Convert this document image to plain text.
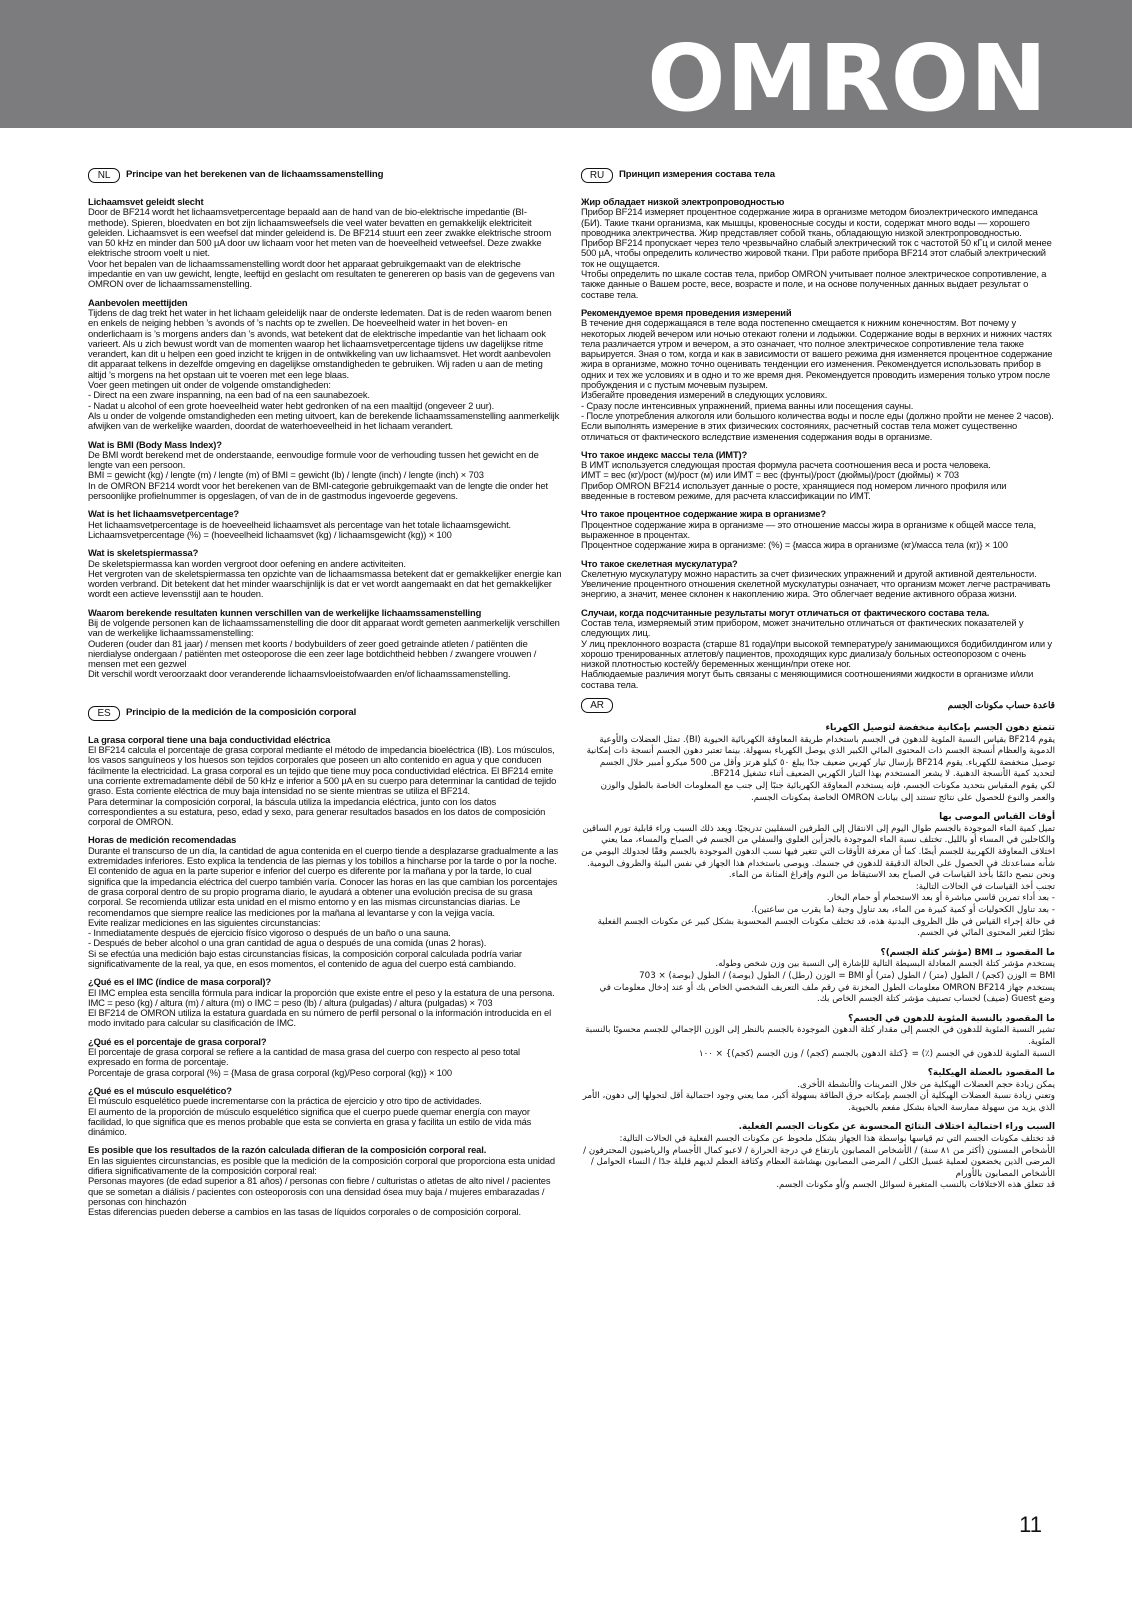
OMRON
NL	Principe van het berekenen van de lichaamssamenstelling
Lichaamsvet geleidt slecht
Door de BF214 wordt het lichaamsvetpercentage bepaald aan de hand van de bio-elektrische impedantie (BI-methode). Spieren, bloedvaten en bot zijn lichaamsweefsels die veel water bevatten en gemakkelijk elektriciteit geleiden. Lichaamsvet is een weefsel dat minder geleidend is. De BF214 stuurt een zeer zwakke elektrische stroom van 50 kHz en minder dan 500 µA door uw lichaam voor het meten van de hoeveelheid vetweefsel. Deze zwakke elektrische stroom voelt u niet.
Voor het bepalen van de lichaamssamenstelling wordt door het apparaat gebruikgemaakt van de elektrische impedantie en van uw gewicht, lengte, leeftijd en geslacht om resultaten te genereren op basis van de gegevens van OMRON over de lichaamssamenstelling.
Aanbevolen meettijden
Tijdens de dag trekt het water in het lichaam geleidelijk naar de onderste ledematen. Dat is de reden waarom benen en enkels de neiging hebben ’s avonds of ’s nachts op te zwellen. De hoeveelheid water in het boven- en onderlichaam is ’s morgens anders dan ’s avonds, wat betekent dat de elektrische impedantie van het lichaam ook varieert. Als u zich bewust wordt van de momenten waarop het lichaamsvetpercentage tijdens uw dagelijkse ritme verandert, kan dit u helpen een goed inzicht te krijgen in de ontwikkeling van uw lichaamsvet. Het wordt aanbevolen dit apparaat telkens in dezelfde omgeving en dagelijkse omstandigheden te gebruiken. Wij raden u aan de meting altijd ’s morgens na het opstaan uit te voeren met een lege blaas.
Voer geen metingen uit onder de volgende omstandigheden:
- Direct na een zware inspanning, na een bad of na een saunabezoek.
- Nadat u alcohol of een grote hoeveelheid water hebt gedronken of na een maaltijd (ongeveer 2 uur).
Als u onder de volgende omstandigheden een meting uitvoert, kan de berekende lichaamssamenstelling aanmerkelijk afwijken van de werkelijke waarden, doordat de waterhoeveelheid in het lichaam verandert.
Wat is BMI (Body Mass Index)?
De BMI wordt berekend met de onderstaande, eenvoudige formule voor de verhouding tussen het gewicht en de lengte van een persoon.
BMI = gewicht (kg) / lengte (m) / lengte (m) of BMI = gewicht (lb) / lengte (inch) / lengte (inch) × 703
In de OMRON BF214 wordt voor het berekenen van de BMI-categorie gebruikgemaakt van de lengte die onder het persoonlijke profielnummer is opgeslagen, of van de in de gastmodus ingevoerde gegevens.
Wat is het lichaamsvetpercentage?
Het lichaamsvetpercentage is de hoeveelheid lichaamsvet als percentage van het totale lichaamsgewicht.
Lichaamsvetpercentage (%) = (hoeveelheid lichaamsvet (kg) / lichaamsgewicht (kg)) × 100
Wat is skeletspiermassa?
De skeletspiermassa kan worden vergroot door oefening en andere activiteiten.
Het vergroten van de skeletspiermassa ten opzichte van de lichaamsmassa betekent dat er gemakkelijker energie kan worden verbrand. Dit betekent dat het minder waarschijnlijk is dat er vet wordt aangemaakt en dat het gemakkelijker wordt een actieve levensstijl aan te houden.
Waarom berekende resultaten kunnen verschillen van de werkelijke lichaamssamenstelling
Bij de volgende personen kan de lichaamssamenstelling die door dit apparaat wordt gemeten aanmerkelijk verschillen van de werkelijke lichaamssamenstelling:
Ouderen (ouder dan 81 jaar) / mensen met koorts / bodybuilders of zeer goed getrainde atleten / patiënten die nierdialyse ondergaan / patiënten met osteoporose die een zeer lage botdichtheid hebben / zwangere vrouwen / mensen met een gezwel
Dit verschil wordt veroorzaakt door veranderende lichaamsvloeistofwaarden en/of lichaamssamenstelling.
ES	Principio de la medición de la composición corporal
La grasa corporal tiene una baja conductividad eléctrica
El BF214 calcula el porcentaje de grasa corporal mediante el método de impedancia bioeléctrica (IB). Los músculos, los vasos sanguíneos y los huesos son tejidos corporales que poseen un alto contenido en agua y que conducen fácilmente la electricidad. La grasa corporal es un tejido que tiene muy poca conductividad eléctrica. El BF214 emite una corriente extremadamente débil de 50 kHz e inferior a 500 µA en su cuerpo para determinar la cantidad de tejido graso. Esta corriente eléctrica de muy baja intensidad no se siente mientras se utiliza el BF214.
Para determinar la composición corporal, la báscula utiliza la impedancia eléctrica, junto con los datos correspondientes a su estatura, peso, edad y sexo, para generar resultados basados en los datos de composición corporal de OMRON.
Horas de medición recomendadas
Durante el transcurso de un día, la cantidad de agua contenida en el cuerpo tiende a desplazarse gradualmente a las extremidades inferiores. Esto explica la tendencia de las piernas y los tobillos a hincharse por la tarde o por la noche. El contenido de agua en la parte superior e inferior del cuerpo es diferente por la mañana y por la tarde, lo cual significa que la impedancia eléctrica del cuerpo también varía. Conocer las horas en las que cambian los porcentajes de grasa corporal dentro de su propio programa diario, le ayudará a obtener una evolución precisa de su grasa corporal. Se recomienda utilizar esta unidad en el mismo entorno y en las mismas circunstancias diarias. Le recomendamos que siempre realice las mediciones por la mañana al levantarse y con la vejiga vacía.
Evite realizar mediciones en las siguientes circunstancias:
- Inmediatamente después de ejercicio físico vigoroso o después de un baño o una sauna.
- Después de beber alcohol o una gran cantidad de agua o después de una comida (unas 2 horas).
Si se efectúa una medición bajo estas circunstancias físicas, la composición corporal calculada podría variar significativamente de la real, ya que, en esos momentos, el contenido de agua del cuerpo está cambiando.
¿Qué es el IMC (índice de masa corporal)?
El IMC emplea esta sencilla fórmula para indicar la proporción que existe entre el peso y la estatura de una persona.
IMC = peso (kg) / altura (m) / altura (m) o IMC = peso (lb) / altura (pulgadas) / altura (pulgadas) × 703
El BF214 de OMRON utiliza la estatura guardada en su número de perfil personal o la información introducida en el modo invitado para calcular su clasificación de IMC.
¿Qué es el porcentaje de grasa corporal?
El porcentaje de grasa corporal se refiere a la cantidad de masa grasa del cuerpo con respecto al peso total expresado en forma de porcentaje.
Porcentaje de grasa corporal (%) = {Masa de grasa corporal (kg)/Peso corporal (kg)} × 100
¿Qué es el músculo esquelético?
El músculo esquelético puede incrementarse con la práctica de ejercicio y otro tipo de actividades.
El aumento de la proporción de músculo esquelético significa que el cuerpo puede quemar energía con mayor facilidad, lo que significa que es menos probable que esta se convierta en grasa y facilita un estilo de vida más dinámico.
Es posible que los resultados de la razón calculada difieran de la composición corporal real.
En las siguientes circunstancias, es posible que la medición de la composición corporal que proporciona esta unidad difiera significativamente de la composición corporal real:
Personas mayores (de edad superior a 81 años) / personas con fiebre / culturistas o atletas de alto nivel / pacientes que se sometan a diálisis / pacientes con osteoporosis con una densidad ósea muy baja / mujeres embarazadas / personas con hinchazón
Estas diferencias pueden deberse a cambios en las tasas de líquidos corporales o de composición corporal.
RU	Принцип измерения состава тела
Жир обладает низкой электропроводностью
Прибор BF214 измеряет процентное содержание жира в организме методом биоэлектрического импеданса (БИ). Такие ткани организма, как мышцы, кровеносные сосуды и кости, содержат много воды — хорошего проводника электричества. Жир представляет собой ткань, обладающую низкой электропроводностью. Прибор BF214 пропускает через тело чрезвычайно слабый электрический ток с частотой 50 кГц и силой менее 500 µА, чтобы определить количество жировой ткани. При работе прибора BF214 этот слабый электрический ток не ощущается.
Чтобы определить по шкале состав тела, прибор OMRON учитывает полное электрическое сопротивление, а также данные о Вашем росте, весе, возрасте и поле, и на основе полученных данных выдает результат о составе тела.
Рекомендуемое время проведения измерений
В течение дня содержащаяся в теле вода постепенно смещается к нижним конечностям. Вот почему у некоторых людей вечером или ночью отекают голени и лодыжки. Содержание воды в верхних и нижних частях тела различается утром и вечером, а это означает, что полное электрическое сопротивление тела также варьируется. Зная о том, когда и как в зависимости от вашего режима дня изменяется процентное содержание жира в организме, можно точно оценивать тенденции его изменения. Рекомендуется использовать прибор в одних и тех же условиях и в одно и то же время дня. Рекомендуется проводить измерения только утром после пробуждения и с пустым мочевым пузырем.
Избегайте проведения измерений в следующих условиях.
- Сразу после интенсивных упражнений, приема ванны или посещения сауны.
- После употребления алкоголя или большого количества воды и после еды (должно пройти не менее 2 часов).
Если выполнять измерение в этих физических состояниях, расчетный состав тела может существенно отличаться от фактического вследствие изменения содержания воды в организме.
Что такое индекс массы тела (ИМТ)?
В ИМТ используется следующая простая формула расчета соотношения веса и роста человека.
ИМТ = вес (кг)/рост (м)/рост (м) или ИМТ = вес (фунты)/рост (дюймы)/рост (дюймы) × 703
Прибор OMRON BF214 использует данные о росте, хранящиеся под номером личного профиля или введенные в гостевом режиме, для расчета классификации по ИМТ.
Что такое процентное содержание жира в организме?
Процентное содержание жира в организме — это отношение массы жира в организме к общей массе тела, выраженное в процентах.
Процентное содержание жира в организме: (%) = {масса жира в организме (кг)/масса тела (кг)} × 100
Что такое скелетная мускулатура?
Скелетную мускулатуру можно нарастить за счет физических упражнений и другой активной деятельности.
Увеличение процентного отношения скелетной мускулатуры означает, что организм может легче растрачивать энергию, а значит, менее склонен к накоплению жира. Это облегчает ведение активного образа жизни.
Случаи, когда подсчитанные результаты могут отличаться от фактического состава тела.
Состав тела, измеряемый этим прибором, может значительно отличаться от фактических показателей у следующих лиц.
У лиц преклонного возраста (старше 81 года)/при высокой температуре/у занимающихся бодибилдингом или у хорошо тренированных атлетов/у пациентов, проходящих курс диализа/у больных остеопорозом с очень низкой плотностью костей/у беременных женщин/при отеке ног.
Наблюдаемые различия могут быть связаны с меняющимися соотношениями жидкости в организме и/или состава тела.
AR	قاعدة حساب مكونات الجسم
تتمتع دهون الجسم بإمكانية منخفضة لتوصيل الكهرباء
يقوم BF214 بقياس النسبة المئوية للدهون في الجسم باستخدام طريقة المعاوقة الكهربائية الحيوية (BI). تمثل العضلات والأوعية الدموية والعظام أنسجة الجسم ذات المحتوى المائي الكبير الذي يوصل الكهرباء بسهولة. بينما تعتبر دهون الجسم أنسجة ذات إمكانية توصيل منخفضة للكهرباء. يقوم BF214 بإرسال تيار كهربي ضعيف جدًا يبلغ ٥٠ كيلو هرتز وأقل من 500 ميكرو أمبير خلال الجسم لتحديد كمية الأنسجة الدهنية. لا يشعر المستخدم بهذا التيار الكهربي الضعيف أثناء تشغيل BF214.
لكي يقوم المقياس بتحديد مكونات الجسم، فإنه يستخدم المعاوقة الكهربائية جنبًا إلى جنب مع المعلومات الخاصة بالطول والوزن والعمر والنوع للحصول على نتائج تستند إلى بيانات OMRON الخاصة بمكونات الجسم.
أوقات القياس الموصى بها
تميل كمية الماء الموجودة بالجسم طوال اليوم إلى الانتقال إلى الطرفين السفليين تدريجيًا. ويعد ذلك السبب وراء قابلية تورم الساقين والكاحلين في المساء أو بالليل. تختلف نسبة الماء الموجودة بالجزأين العلوي والسفلي من الجسم في الصباح والمساء، مما يعني اختلاف المعاوقة الكهربية للجسم أيضًا. كما أن معرفة الأوقات التي تتغير فيها نسب الدهون الموجودة بالجسم وفقًا لجدولك اليومي من شأنه مساعدتك في الحصول على الحالة الدقيقة للدهون في جسمك. ويوصى باستخدام هذا الجهاز في نفس البيئة والظروف اليومية. ونحن ننصح دائمًا بأخذ القياسات في الصباح بعد الاستيقاظ من النوم وإفراغ المثانة من الماء.
تجنب أخذ القياسات في الحالات التالية:
- بعد أداء تمرين قاسي مباشرة أو بعد الاستحمام أو حمام البخار.
- بعد تناول الكحوليات أو كمية كبيرة من الماء، بعد تناول وجبة (ما يقرب من ساعتين).
في حالة إجراء القياس في ظل الظروف البدنية هذه، قد تختلف مكونات الجسم المحسوبة بشكل كبير عن مكونات الجسم الفعلية نظرًا لتغير المحتوى المائي في الجسم.
ما المقصود بـ BMI (مؤشر كتلة الجسم)؟
يستخدم مؤشر كتلة الجسم المعادلة البسيطة التالية للإشارة إلى النسبة بين وزن شخص وطوله.
BMI = الوزن (كجم) / الطول (متر) / الطول (متر) أو BMI = الوزن (رطل) / الطول (بوصة) / الطول (بوصة) × 703
يستخدم جهاز OMRON BF214 معلومات الطول المخزنة في رقم ملف التعريف الشخصي الخاص بك أو عند إدخال معلومات في وضع Guest (ضيف) لحساب تصنيف مؤشر كتلة الجسم الخاص بك.
ما المقصود بالنسبة المئوية للدهون في الجسم؟
تشير النسبة المئوية للدهون في الجسم إلى مقدار كتلة الدهون الموجودة بالجسم بالنظر إلى الوزن الإجمالي للجسم محسوبًا بالنسبة المئوية.
النسبة المئوية للدهون في الجسم (٪) = {كتلة الدهون بالجسم (كجم) / وزن الجسم (كجم)} × ١٠٠
ما المقصود بالعضلة الهيكلية؟
يمكن زيادة حجم العضلات الهيكلية من خلال التمرينات والأنشطة الأخرى.
وتعني زيادة نسبة العضلات الهيكلية أن الجسم بإمكانه حرق الطاقة بسهولة أكبر، مما يعني وجود احتمالية أقل لتحولها إلى دهون، الأمر الذي يزيد من سهولة ممارسة الحياة بشكل مفعم بالحيوية.
السبب وراء احتمالية اختلاف النتائج المحسوبة عن مكونات الجسم الفعلية.
قد تختلف مكونات الجسم التي تم قياسها بواسطة هذا الجهاز بشكل ملحوظ عن مكونات الجسم الفعلية في الحالات التالية:
الأشخاص المسنون (أكثر من ٨١ سنة) / الأشخاص المصابون بارتفاع في درجة الحرارة / لاعبو كمال الأجسام والرياضيون المحترفون / المرضى الذين يخضعون لعملية غسيل الكلى / المرضى المصابون بهشاشة العظام وكثافة العظم لديهم قليلة جدًا / النساء الحوامل / الأشخاص المصابون بالأورام
قد تتعلق هذه الاختلافات بالنسب المتغيرة لسوائل الجسم و/أو مكونات الجسم.
11
